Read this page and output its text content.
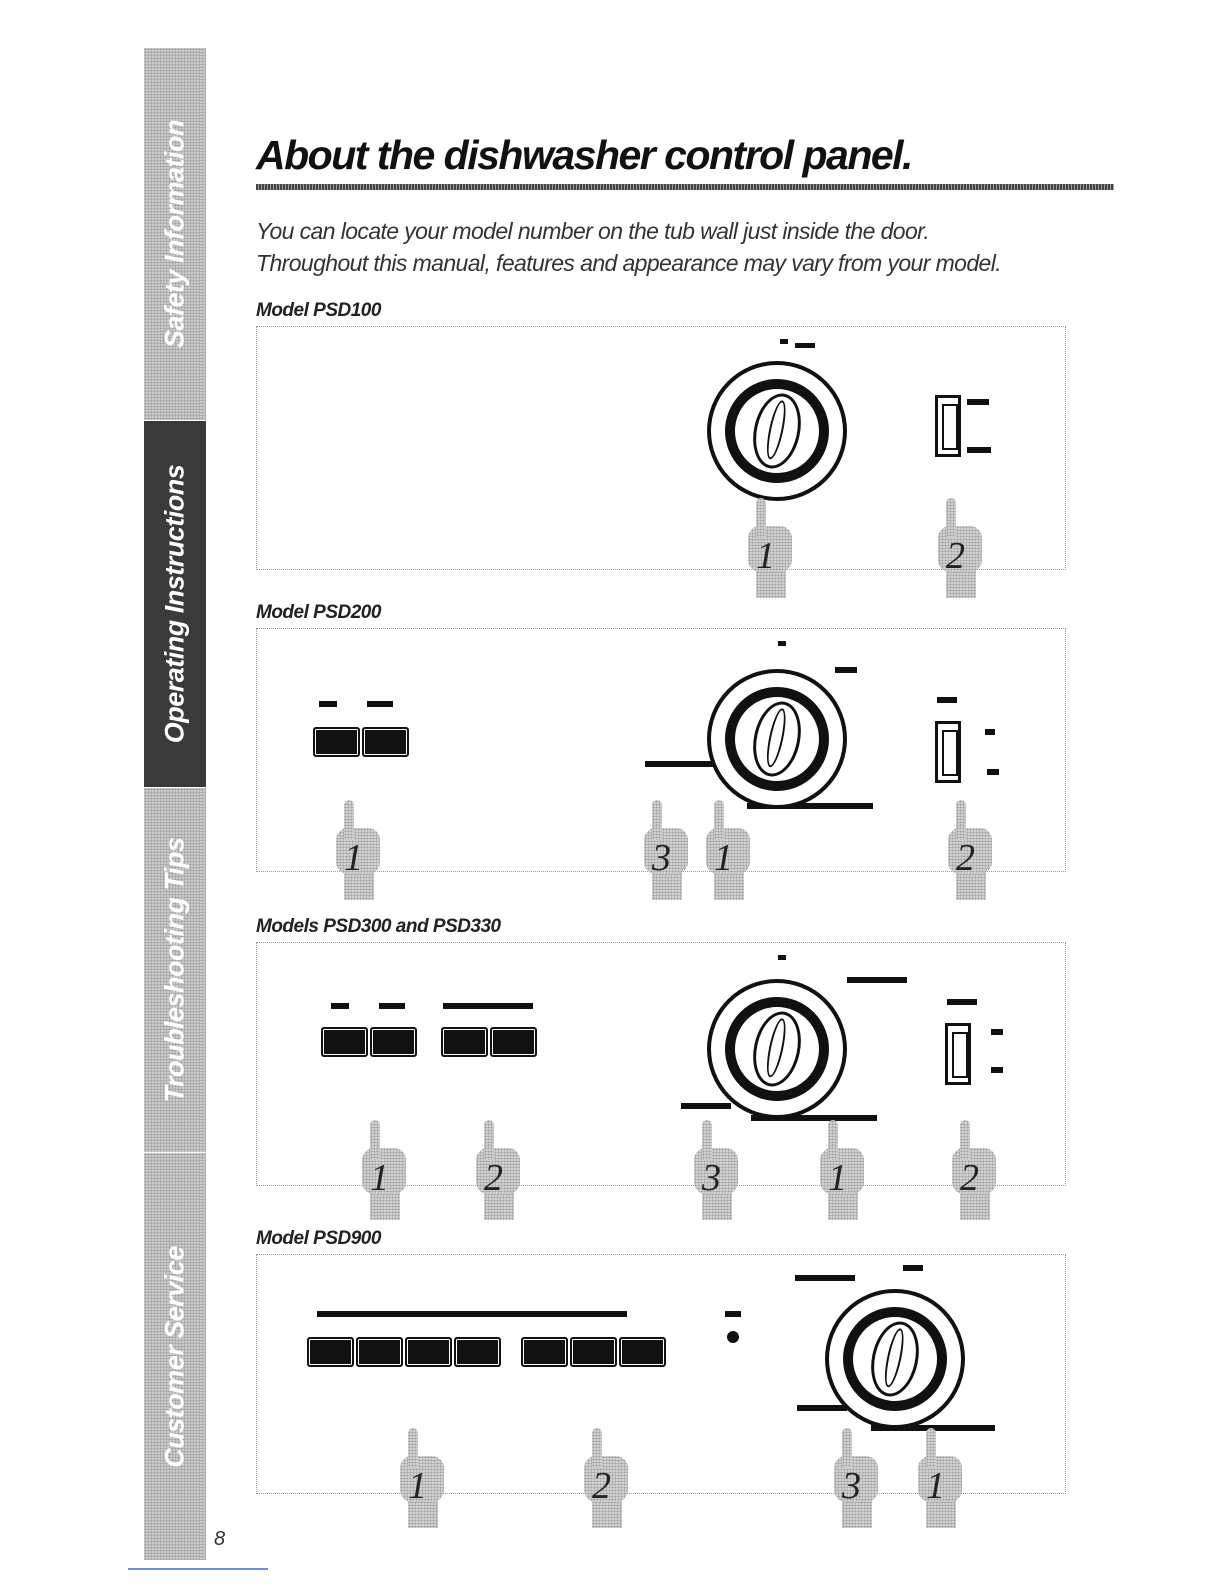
Safety Information
Operating Instructions
Troubleshooting Tips
Customer Service
8
About the dishwasher control panel.
You can locate your model number on the tub wall just inside the door.
Throughout this manual, features and appearance may vary from your model.
Model PSD100
1	2
Model PSD200
1	3 1	2
Models PSD300 and PSD330
1	2	3	1	2
Model PSD900
1	2	3 1
